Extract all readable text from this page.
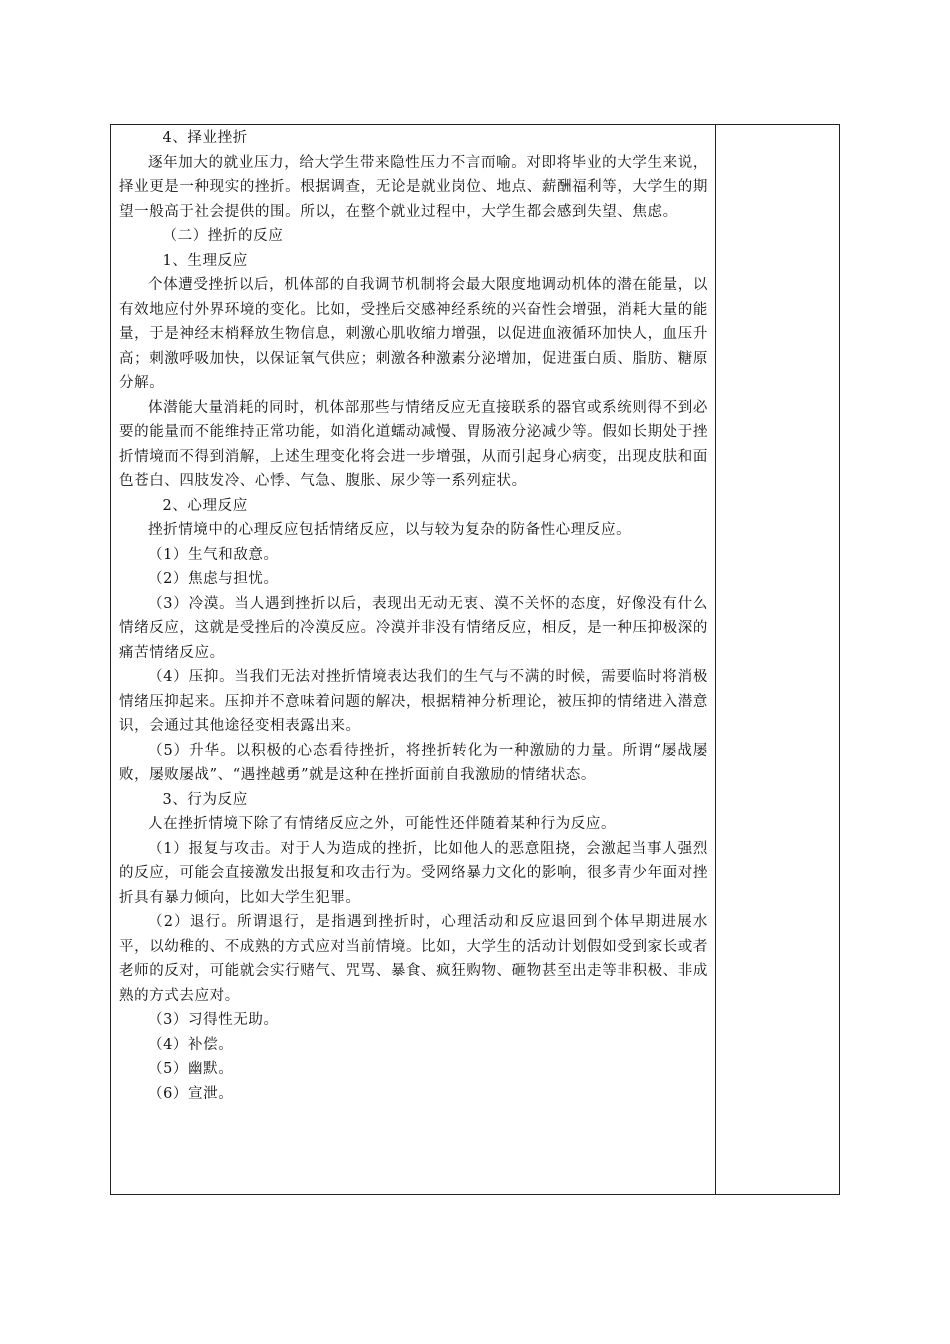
4、择业挫折

逐年加大的就业压力，给大学生带来隐性压力不言而喻。对即将毕业的大学生来说，择业更是一种现实的挫折。根据调查，无论是就业岗位、地点、薪酬福利等，大学生的期望一般高于社会提供的围。所以，在整个就业过程中，大学生都会感到失望、焦虑。

（二）挫折的反应

1、生理反应

个体遭受挫折以后，机体部的自我调节机制将会最大限度地调动机体的潜在能量，以有效地应付外界环境的变化。比如，受挫后交感神经系统的兴奋性会增强，消耗大量的能量，于是神经末梢释放生物信息，刺激心肌收缩力增强，以促进血液循环加快人，血压升高；刺激呼吸加快，以保证氧气供应；刺激各种激素分泌增加，促进蛋白质、脂肪、糖原分解。

体潜能大量消耗的同时，机体部那些与情绪反应无直接联系的器官或系统则得不到必要的能量而不能维持正常功能，如消化道蠕动减慢、胃肠液分泌减少等。假如长期处于挫折情境而不得到消解，上述生理变化将会进一步增强，从而引起身心病变，出现皮肤和面色苍白、四肢发冷、心悸、气急、腹胀、尿少等一系列症状。

2、心理反应

挫折情境中的心理反应包括情绪反应，以与较为复杂的防备性心理反应。

（1）生气和敌意。

（2）焦虑与担忧。

（3）冷漠。当人遇到挫折以后，表现出无动无衷、漠不关怀的态度，好像没有什么情绪反应，这就是受挫后的冷漠反应。冷漠并非没有情绪反应，相反，是一种压抑极深的痛苦情绪反应。

（4）压抑。当我们无法对挫折情境表达我们的生气与不满的时候，需要临时将消极情绪压抑起来。压抑并不意味着问题的解决，根据精神分析理论，被压抑的情绪进入潜意识，会通过其他途径变相表露出来。

（5）升华。以积极的心态看待挫折，将挫折转化为一种激励的力量。所谓“屡战屡败，屡败屡战”、“遇挫越勇”就是这种在挫折面前自我激励的情绪状态。

3、行为反应

人在挫折情境下除了有情绪反应之外，可能性还伴随着某种行为反应。

（1）报复与攻击。对于人为造成的挫折，比如他人的恶意阻挠，会激起当事人强烈的反应，可能会直接激发出报复和攻击行为。受网络暴力文化的影响，很多青少年面对挫折具有暴力倾向，比如大学生犯罪。

（2）退行。所谓退行，是指遇到挫折时，心理活动和反应退回到个体早期进展水平，以幼稚的、不成熟的方式应对当前情境。比如，大学生的活动计划假如受到家长或者老师的反对，可能就会实行赌气、咒骂、暴食、疯狂购物、砸物甚至出走等非积极、非成熟的方式去应对。

（3）习得性无助。

（4）补偿。

（5）幽默。

（6）宣泄。
